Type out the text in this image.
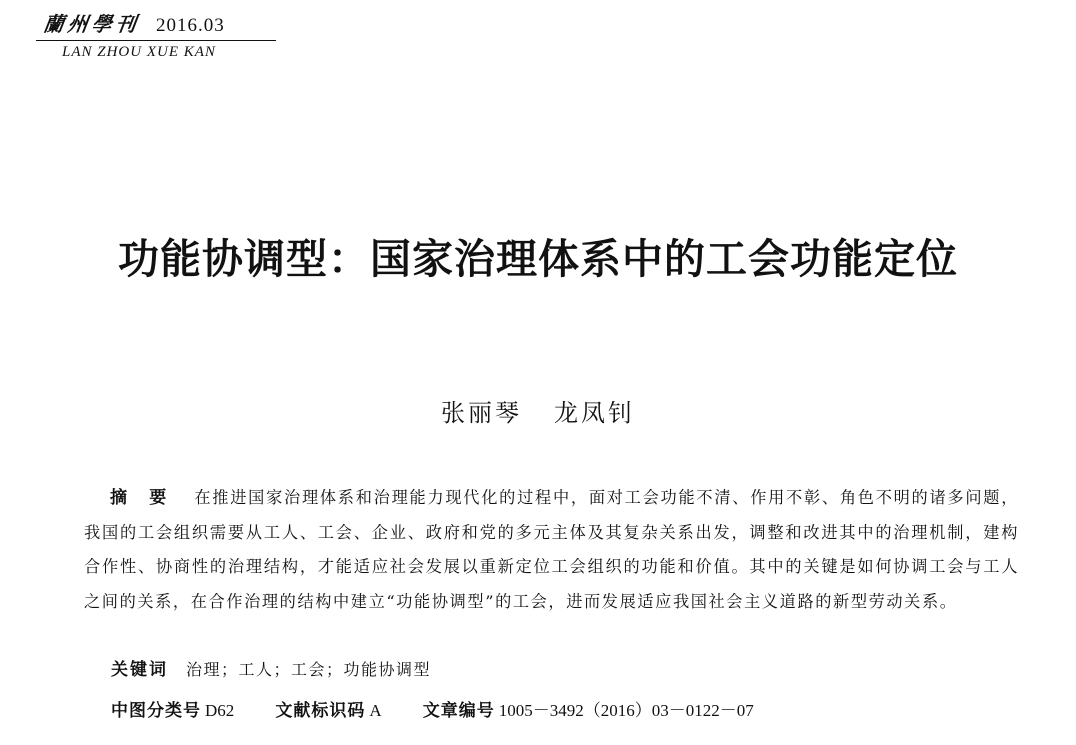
蘭州學刊 2016.03
LAN ZHOU XUE KAN
功能协调型：国家治理体系中的工会功能定位
张丽琴 龙凤钊
摘 要 在推进国家治理体系和治理能力现代化的过程中，面对工会功能不清、作用不彰、角色不明的诸多问题，我国的工会组织需要从工人、工会、企业、政府和党的多元主体及其复杂关系出发，调整和改进其中的治理机制，建构合作性、协商性的治理结构，才能适应社会发展以重新定位工会组织的功能和价值。其中的关键是如何协调工会与工人之间的关系，在合作治理的结构中建立“功能协调型”的工会，进而发展适应我国社会主义道路的新型劳动关系。
关键词 治理；工人；工会；功能协调型
中图分类号 D62 文献标识码 A 文章编号 1005－3492（2016）03－0122－07
